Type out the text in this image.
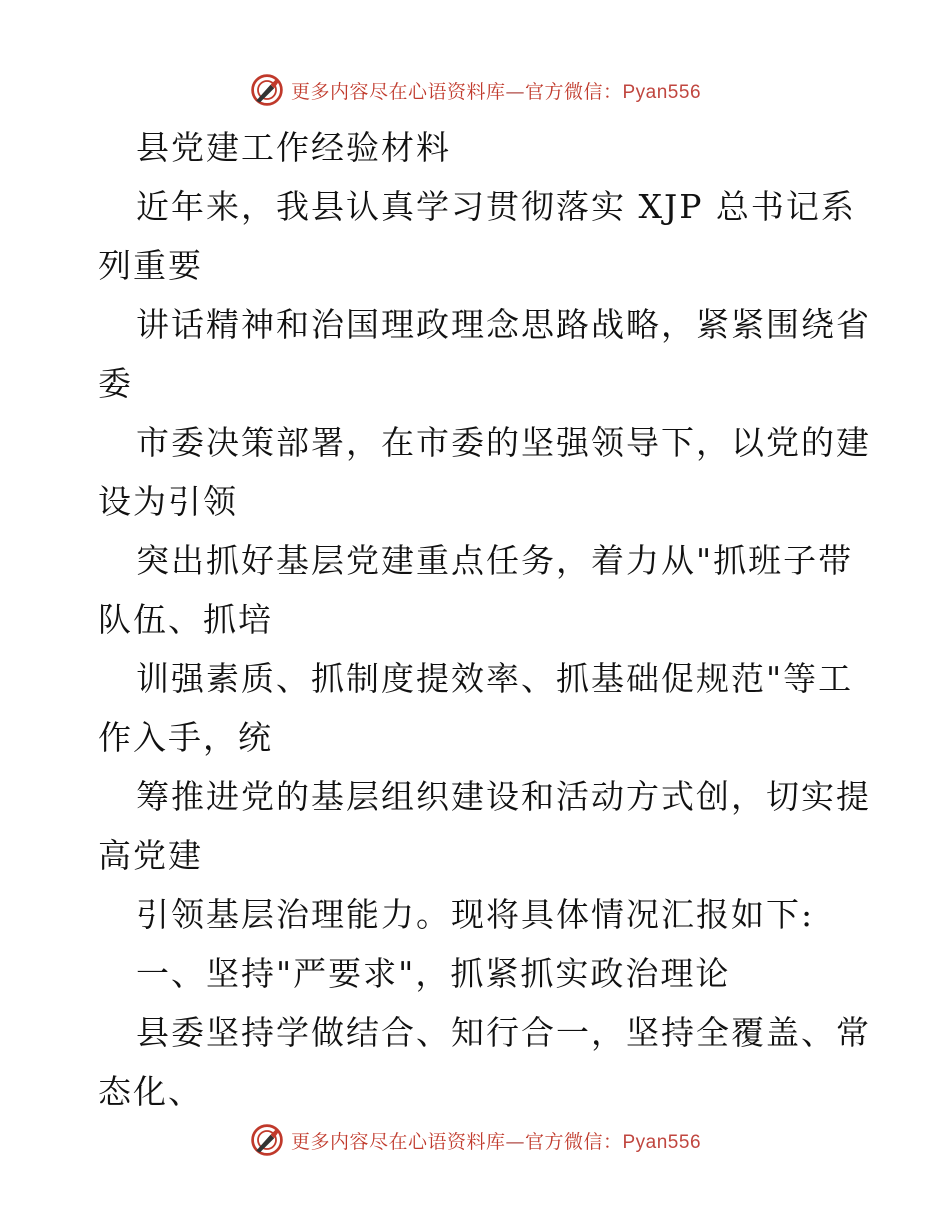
更多内容尽在心语资料库—官方微信：Pyan556
县党建工作经验材料
近年来，我县认真学习贯彻落实 XJP 总书记系
列重要
讲话精神和治国理政理念思路战略，紧紧围绕省
委
市委决策部署，在市委的坚强领导下，以党的建
设为引领
突出抓好基层党建重点任务，着力从"抓班子带
队伍、抓培
训强素质、抓制度提效率、抓基础促规范"等工
作入手，统
筹推进党的基层组织建设和活动方式创，切实提
高党建
引领基层治理能力。现将具体情况汇报如下:
一、坚持"严要求"，抓紧抓实政治理论
县委坚持学做结合、知行合一，坚持全覆盖、常
态化、
更多内容尽在心语资料库—官方微信：Pyan556
